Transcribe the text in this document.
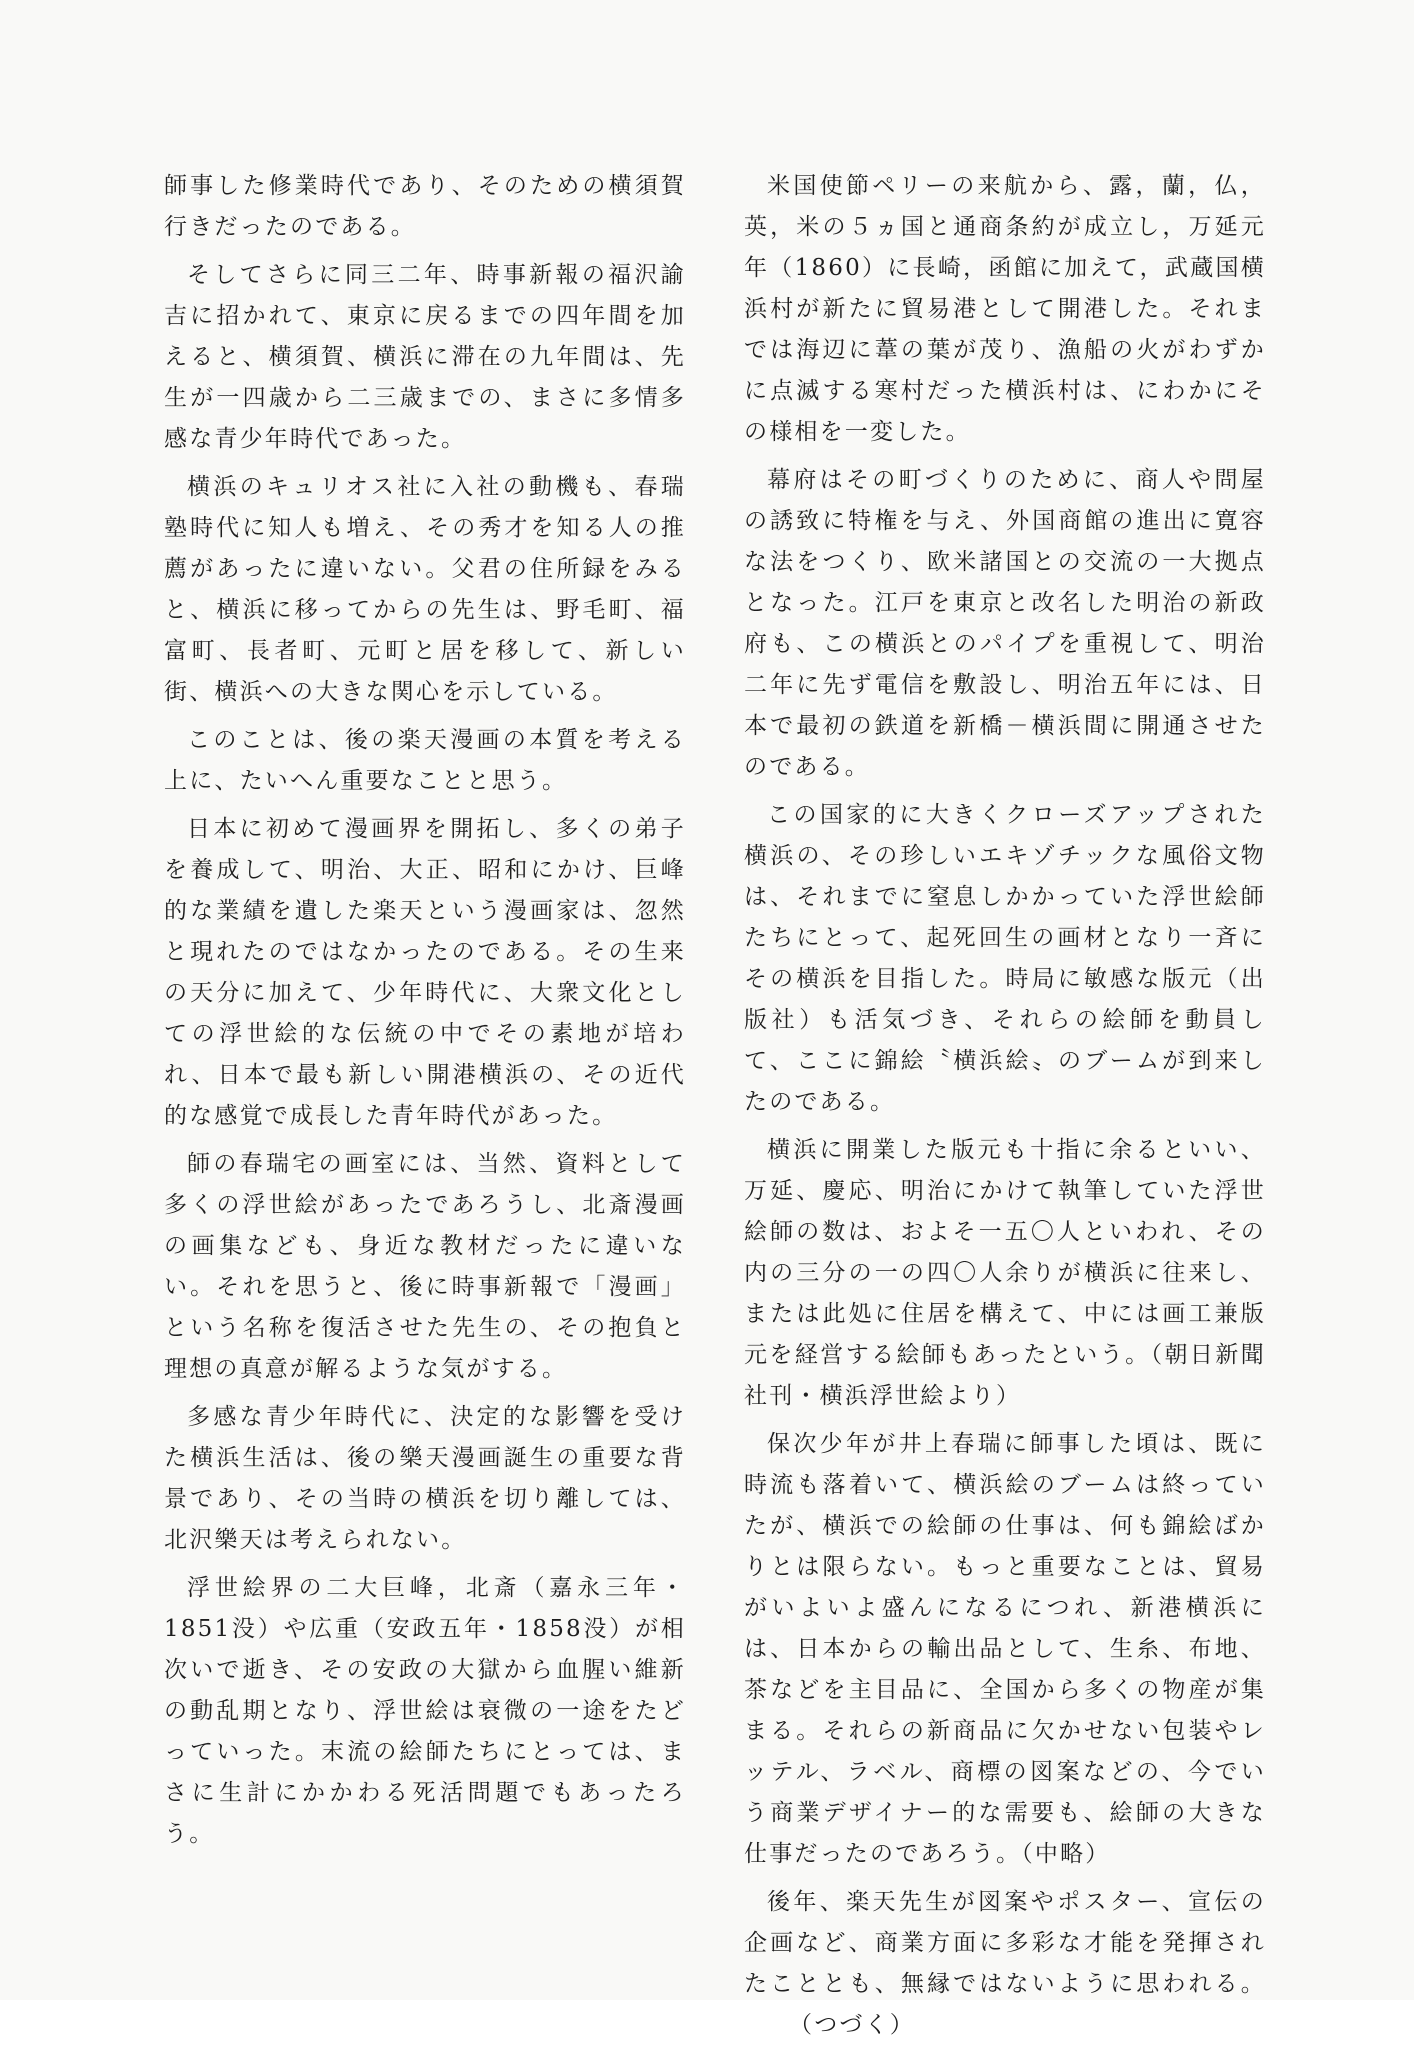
師事した修業時代であり、そのための横須賀行きだったのである。

そしてさらに同三二年、時事新報の福沢諭吉に招かれて、東京に戻るまでの四年間を加えると、横須賀、横浜に滞在の九年間は、先生が一四歳から二三歳までの、まさに多情多感な青少年時代であった。

横浜のキュリオス社に入社の動機も、春瑞塾時代に知人も増え、その秀才を知る人の推薦があったに違いない。父君の住所録をみると、横浜に移ってからの先生は、野毛町、福富町、長者町、元町と居を移して、新しい街、横浜への大きな関心を示している。

このことは、後の楽天漫画の本質を考える上に、たいへん重要なことと思う。

日本に初めて漫画界を開拓し、多くの弟子を養成して、明治、大正、昭和にかけ、巨峰的な業績を遺した楽天という漫画家は、忽然と現れたのではなかったのである。その生来の天分に加えて、少年時代に、大衆文化としての浮世絵的な伝統の中でその素地が培われ、日本で最も新しい開港横浜の、その近代的な感覚で成長した青年時代があった。

師の春瑞宅の画室には、当然、資料として多くの浮世絵があったであろうし、北斎漫画の画集なども、身近な教材だったに違いない。それを思うと、後に時事新報で「漫画」という名称を復活させた先生の、その抱負と理想の真意が解るような気がする。

多感な青少年時代に、決定的な影響を受けた横浜生活は、後の樂天漫画誕生の重要な背景であり、その当時の横浜を切り離しては、北沢樂天は考えられない。

浮世絵界の二大巨峰，北斎（嘉永三年・1851没）や広重（安政五年・1858没）が相次いで逝き、その安政の大獄から血腥い維新の動乱期となり、浮世絵は衰微の一途をたどっていった。末流の絵師たちにとっては、まさに生計にかかわる死活問題でもあったろう。

米国使節ペリーの来航から、露，蘭，仏，英，米の５ヵ国と通商条約が成立し，万延元年（1860）に長崎，函館に加えて，武蔵国横浜村が新たに貿易港として開港した。それまでは海辺に葦の葉が茂り、漁船の火がわずかに点滅する寒村だった横浜村は、にわかにその様相を一変した。

幕府はその町づくりのために、商人や問屋の誘致に特権を与え、外国商館の進出に寛容な法をつくり、欧米諸国との交流の一大拠点となった。江戸を東京と改名した明治の新政府も、この横浜とのパイプを重視して、明治二年に先ず電信を敷設し、明治五年には、日本で最初の鉄道を新橋－横浜間に開通させたのである。

この国家的に大きくクローズアップされた横浜の、その珍しいエキゾチックな風俗文物は、それまでに窒息しかかっていた浮世絵師たちにとって、起死回生の画材となり一斉にその横浜を目指した。時局に敏感な版元（出版社）も活気づき、それらの絵師を動員して、ここに錦絵〝横浜絵〟のブームが到来したのである。

横浜に開業した版元も十指に余るといい、万延、慶応、明治にかけて執筆していた浮世絵師の数は、およそ一五〇人といわれ、その内の三分の一の四〇人余りが横浜に往来し、または此処に住居を構えて、中には画工兼版元を経営する絵師もあったという。（朝日新聞社刊・横浜浮世絵より）

保次少年が井上春瑞に師事した頃は、既に時流も落着いて、横浜絵のブームは終っていたが、横浜での絵師の仕事は、何も錦絵ばかりとは限らない。もっと重要なことは、貿易がいよいよ盛んになるにつれ、新港横浜には、日本からの輸出品として、生糸、布地、茶などを主目品に、全国から多くの物産が集まる。それらの新商品に欠かせない包装やレッテル、ラベル、商標の図案などの、今でいう商業デザイナー的な需要も、絵師の大きな仕事だったのであろう。（中略）

後年、楽天先生が図案やポスター、宣伝の企画など、商業方面に多彩な才能を発揮されたこととも、無縁ではないように思われる。（つづく）
